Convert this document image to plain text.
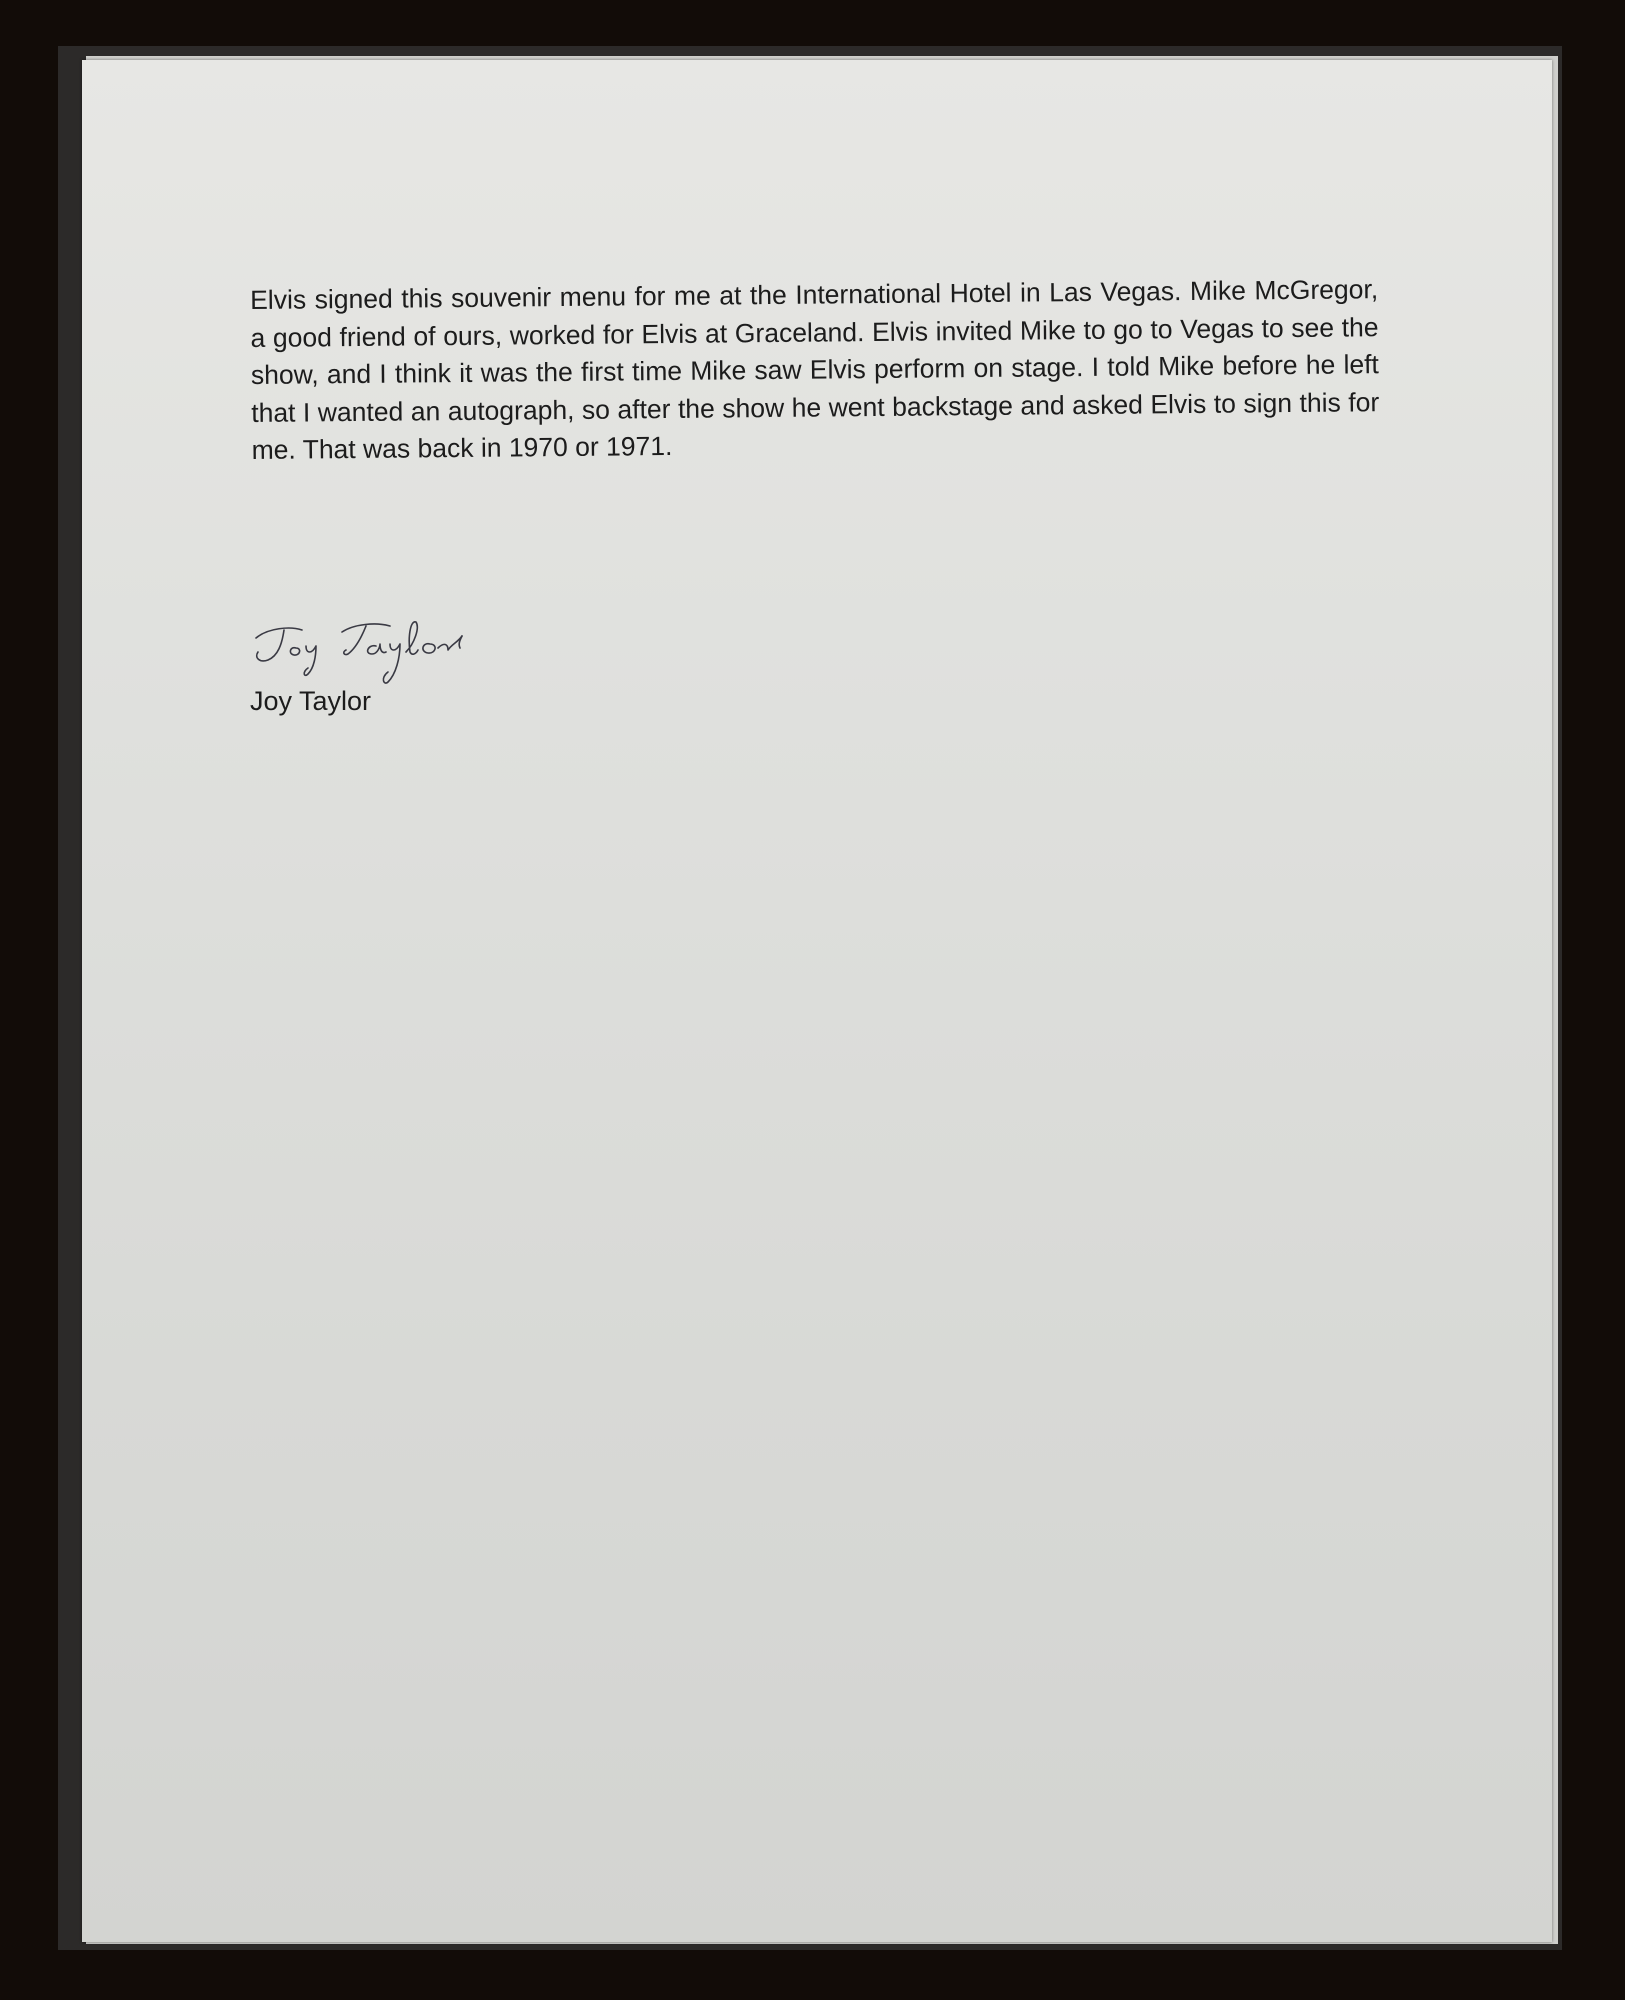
Elvis signed this souvenir menu for me at the International Hotel in Las Vegas. Mike McGregor, a good friend of ours, worked for Elvis at Graceland. Elvis invited Mike to go to Vegas to see the show, and I think it was the first time Mike saw Elvis perform on stage. I told Mike before he left that I wanted an autograph, so after the show he went backstage and asked Elvis to sign this for me. That was back in 1970 or 1971.

Joy Taylor
